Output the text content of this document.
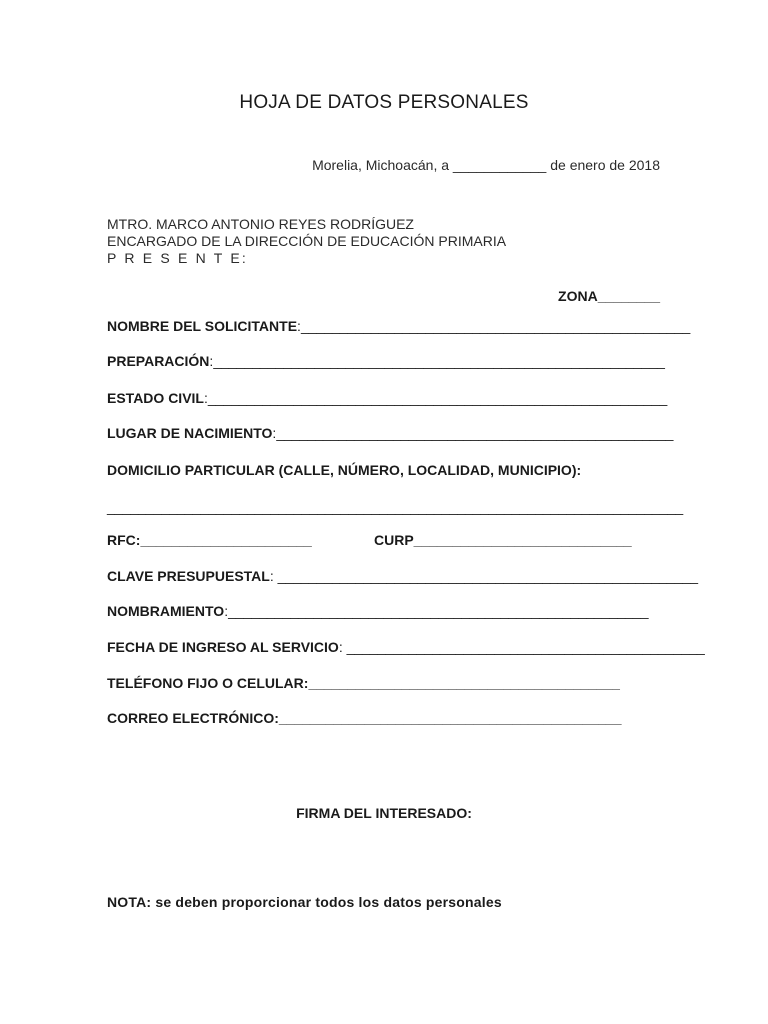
HOJA DE DATOS PERSONALES
Morelia, Michoacán, a ____________ de enero de 2018
MTRO. MARCO ANTONIO REYES RODRÍGUEZ
ENCARGADO DE LA DIRECCIÓN DE EDUCACIÓN PRIMARIA
P R E S E N T E:
ZONA________
NOMBRE DEL SOLICITANTE:__________________________________________________
PREPARACIÓN:__________________________________________________________
ESTADO CIVIL:___________________________________________________________
LUGAR DE NACIMIENTO:___________________________________________________
DOMICILIO PARTICULAR (CALLE, NÚMERO, LOCALIDAD, MUNICIPIO):
__________________________________________________________________________
RFC:______________________	CURP____________________________
CLAVE PRESUPUESTAL: ______________________________________________________
NOMBRAMIENTO:______________________________________________________
FECHA DE INGRESO AL SERVICIO: ______________________________________________
TELÉFONO FIJO O CELULAR:________________________________________
CORREO ELECTRÓNICO:____________________________________________
FIRMA DEL INTERESADO:
NOTA: se deben proporcionar todos los datos personales
